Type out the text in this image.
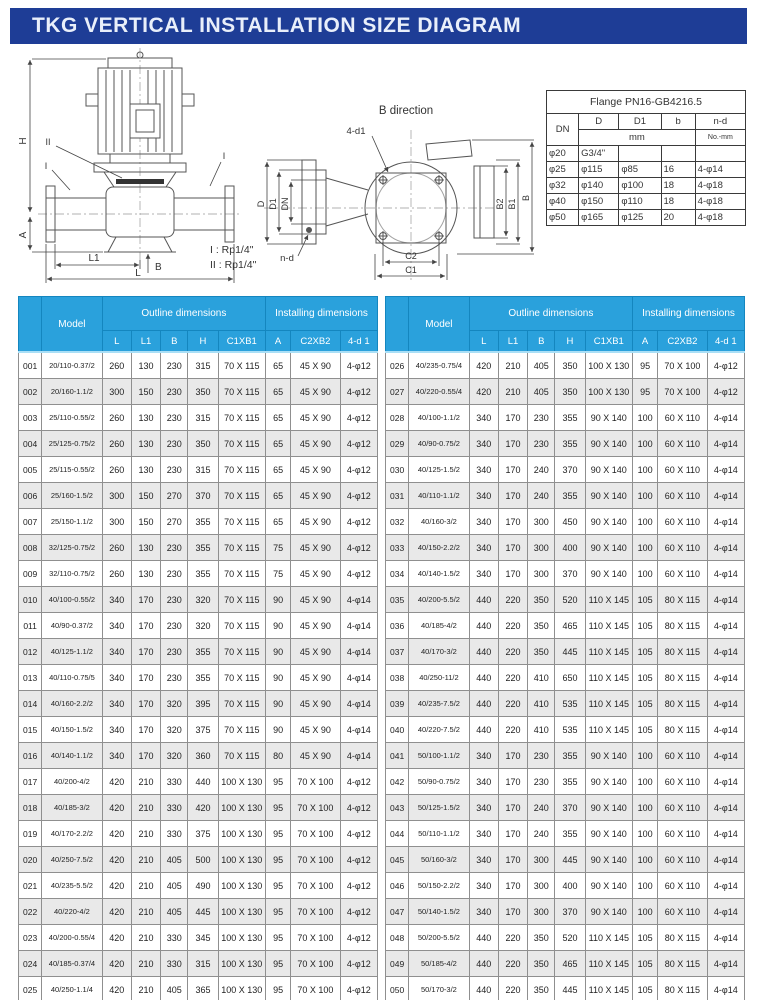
TKG VERTICAL INSTALLATION SIZE DIAGRAM
H
A
L1
L
B
II
I
I
B direction
4-d1
n-d
D D1 DN	B2 B1
B
C2
C1
I : Rp1/4"
II : Rp1/4"
Flange PN16-GB4216.5				
DN	D	D1	b	n-d
	mm			No.-mm
φ20	G3/4"			
φ25	φ115	φ85	16	4-φ14
φ32	φ140	φ100	18	4-φ18
φ40	φ150	φ110	18	4-φ18
φ50	φ165	φ125	20	4-φ18
	Model	Outline dimensions					Installing dimensions		
		L	L1	B	H	C1XB1	A	C2XB2	4-d 1
001	20/110-0.37/2	260	130	230	315	70 X 115	65	45 X 90	4-φ12
002	20/160-1.1/2	300	150	230	350	70 X 115	65	45 X 90	4-φ12
003	25/110-0.55/2	260	130	230	315	70 X 115	65	45 X 90	4-φ12
004	25/125-0.75/2	260	130	230	350	70 X 115	65	45 X 90	4-φ12
005	25/115-0.55/2	260	130	230	315	70 X 115	65	45 X 90	4-φ12
006	25/160-1.5/2	300	150	270	370	70 X 115	65	45 X 90	4-φ12
007	25/150-1.1/2	300	150	270	355	70 X 115	65	45 X 90	4-φ12
008	32/125-0.75/2	260	130	230	355	70 X 115	75	45 X 90	4-φ12
009	32/110-0.75/2	260	130	230	355	70 X 115	75	45 X 90	4-φ12
010	40/100-0.55/2	340	170	230	320	70 X 115	90	45 X 90	4-φ14
011	40/90-0.37/2	340	170	230	320	70 X 115	90	45 X 90	4-φ14
012	40/125-1.1/2	340	170	230	355	70 X 115	90	45 X 90	4-φ14
013	40/110-0.75/5	340	170	230	355	70 X 115	90	45 X 90	4-φ14
014	40/160-2.2/2	340	170	320	395	70 X 115	90	45 X 90	4-φ14
015	40/150-1.5/2	340	170	320	375	70 X 115	90	45 X 90	4-φ14
016	40/140-1.1/2	340	170	320	360	70 X 115	80	45 X 90	4-φ14
017	40/200-4/2	420	210	330	440	100 X 130	95	70 X 100	4-φ12
018	40/185-3/2	420	210	330	420	100 X 130	95	70 X 100	4-φ12
019	40/170-2.2/2	420	210	330	375	100 X 130	95	70 X 100	4-φ12
020	40/250-7.5/2	420	210	405	500	100 X 130	95	70 X 100	4-φ12
021	40/235-5.5/2	420	210	405	490	100 X 130	95	70 X 100	4-φ12
022	40/220-4/2	420	210	405	445	100 X 130	95	70 X 100	4-φ12
023	40/200-0.55/4	420	210	330	345	100 X 130	95	70 X 100	4-φ12
024	40/185-0.37/4	420	210	330	315	100 X 130	95	70 X 100	4-φ12
025	40/250-1.1/4	420	210	405	365	100 X 130	95	70 X 100	4-φ12
	Model	Outline dimensions					Installing dimensions		
		L	L1	B	H	C1XB1	A	C2XB2	4-d 1
026	40/235-0.75/4	420	210	405	350	100 X 130	95	70 X 100	4-φ12
027	40/220-0.55/4	420	210	405	350	100 X 130	95	70 X 100	4-φ12
028	40/100-1.1/2	340	170	230	355	90 X 140	100	60 X 110	4-φ14
029	40/90-0.75/2	340	170	230	355	90 X 140	100	60 X 110	4-φ14
030	40/125-1.5/2	340	170	240	370	90 X 140	100	60 X 110	4-φ14
031	40/110-1.1/2	340	170	240	355	90 X 140	100	60 X 110	4-φ14
032	40/160-3/2	340	170	300	450	90 X 140	100	60 X 110	4-φ14
033	40/150-2.2/2	340	170	300	400	90 X 140	100	60 X 110	4-φ14
034	40/140-1.5/2	340	170	300	370	90 X 140	100	60 X 110	4-φ14
035	40/200-5.5/2	440	220	350	520	110 X 145	105	80 X 115	4-φ14
036	40/185-4/2	440	220	350	465	110 X 145	105	80 X 115	4-φ14
037	40/170-3/2	440	220	350	445	110 X 145	105	80 X 115	4-φ14
038	40/250-11/2	440	220	410	650	110 X 145	105	80 X 115	4-φ14
039	40/235-7.5/2	440	220	410	535	110 X 145	105	80 X 115	4-φ14
040	40/220-7.5/2	440	220	410	535	110 X 145	105	80 X 115	4-φ14
041	50/100-1.1/2	340	170	230	355	90 X 140	100	60 X 110	4-φ14
042	50/90-0.75/2	340	170	230	355	90 X 140	100	60 X 110	4-φ14
043	50/125-1.5/2	340	170	240	370	90 X 140	100	60 X 110	4-φ14
044	50/110-1.1/2	340	170	240	355	90 X 140	100	60 X 110	4-φ14
045	50/160-3/2	340	170	300	445	90 X 140	100	60 X 110	4-φ14
046	50/150-2.2/2	340	170	300	400	90 X 140	100	60 X 110	4-φ14
047	50/140-1.5/2	340	170	300	370	90 X 140	100	60 X 110	4-φ14
048	50/200-5.5/2	440	220	350	520	110 X 145	105	80 X 115	4-φ14
049	50/185-4/2	440	220	350	465	110 X 145	105	80 X 115	4-φ14
050	50/170-3/2	440	220	350	445	110 X 145	105	80 X 115	4-φ14
